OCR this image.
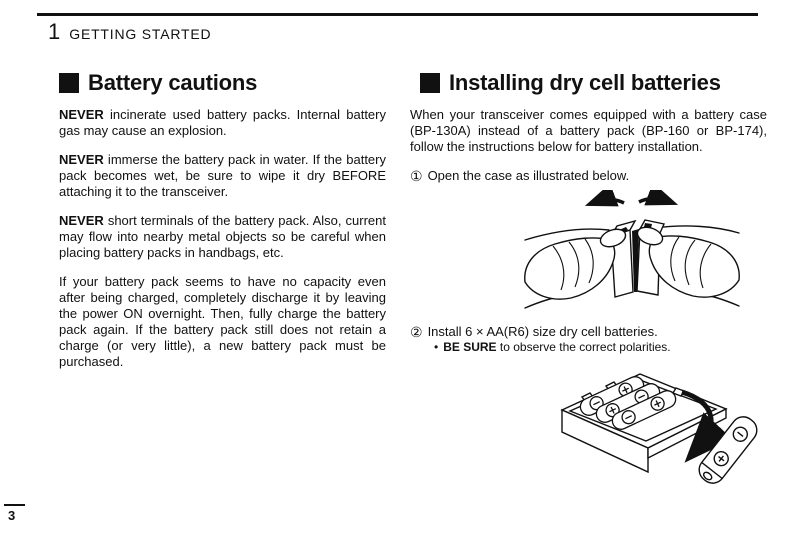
1 GETTING STARTED
Battery cautions

NEVER incinerate used battery packs. Internal battery gas may cause an explosion.

NEVER immerse the battery pack in water. If the battery pack becomes wet, be sure to wipe it dry BEFORE attaching it to the transceiver.

NEVER short terminals of the battery pack. Also, current may flow into nearby metal objects so be careful when placing battery packs in handbags, etc.

If your battery pack seems to have no capacity even after being charged, completely discharge it by leaving the power ON overnight. Then, fully charge the battery pack again. If the battery pack still does not retain a charge (or very little), a new battery pack must be purchased.

Installing dry cell batteries

When your transceiver comes equipped with a battery case (BP-130A) instead of a battery pack (BP-160 or BP-174), follow the instructions below for battery installation.

① Open the case as illustrated below.
② Install 6 × AA(R6) size dry cell batteries.
• BE SURE to observe the correct polarities.
3
